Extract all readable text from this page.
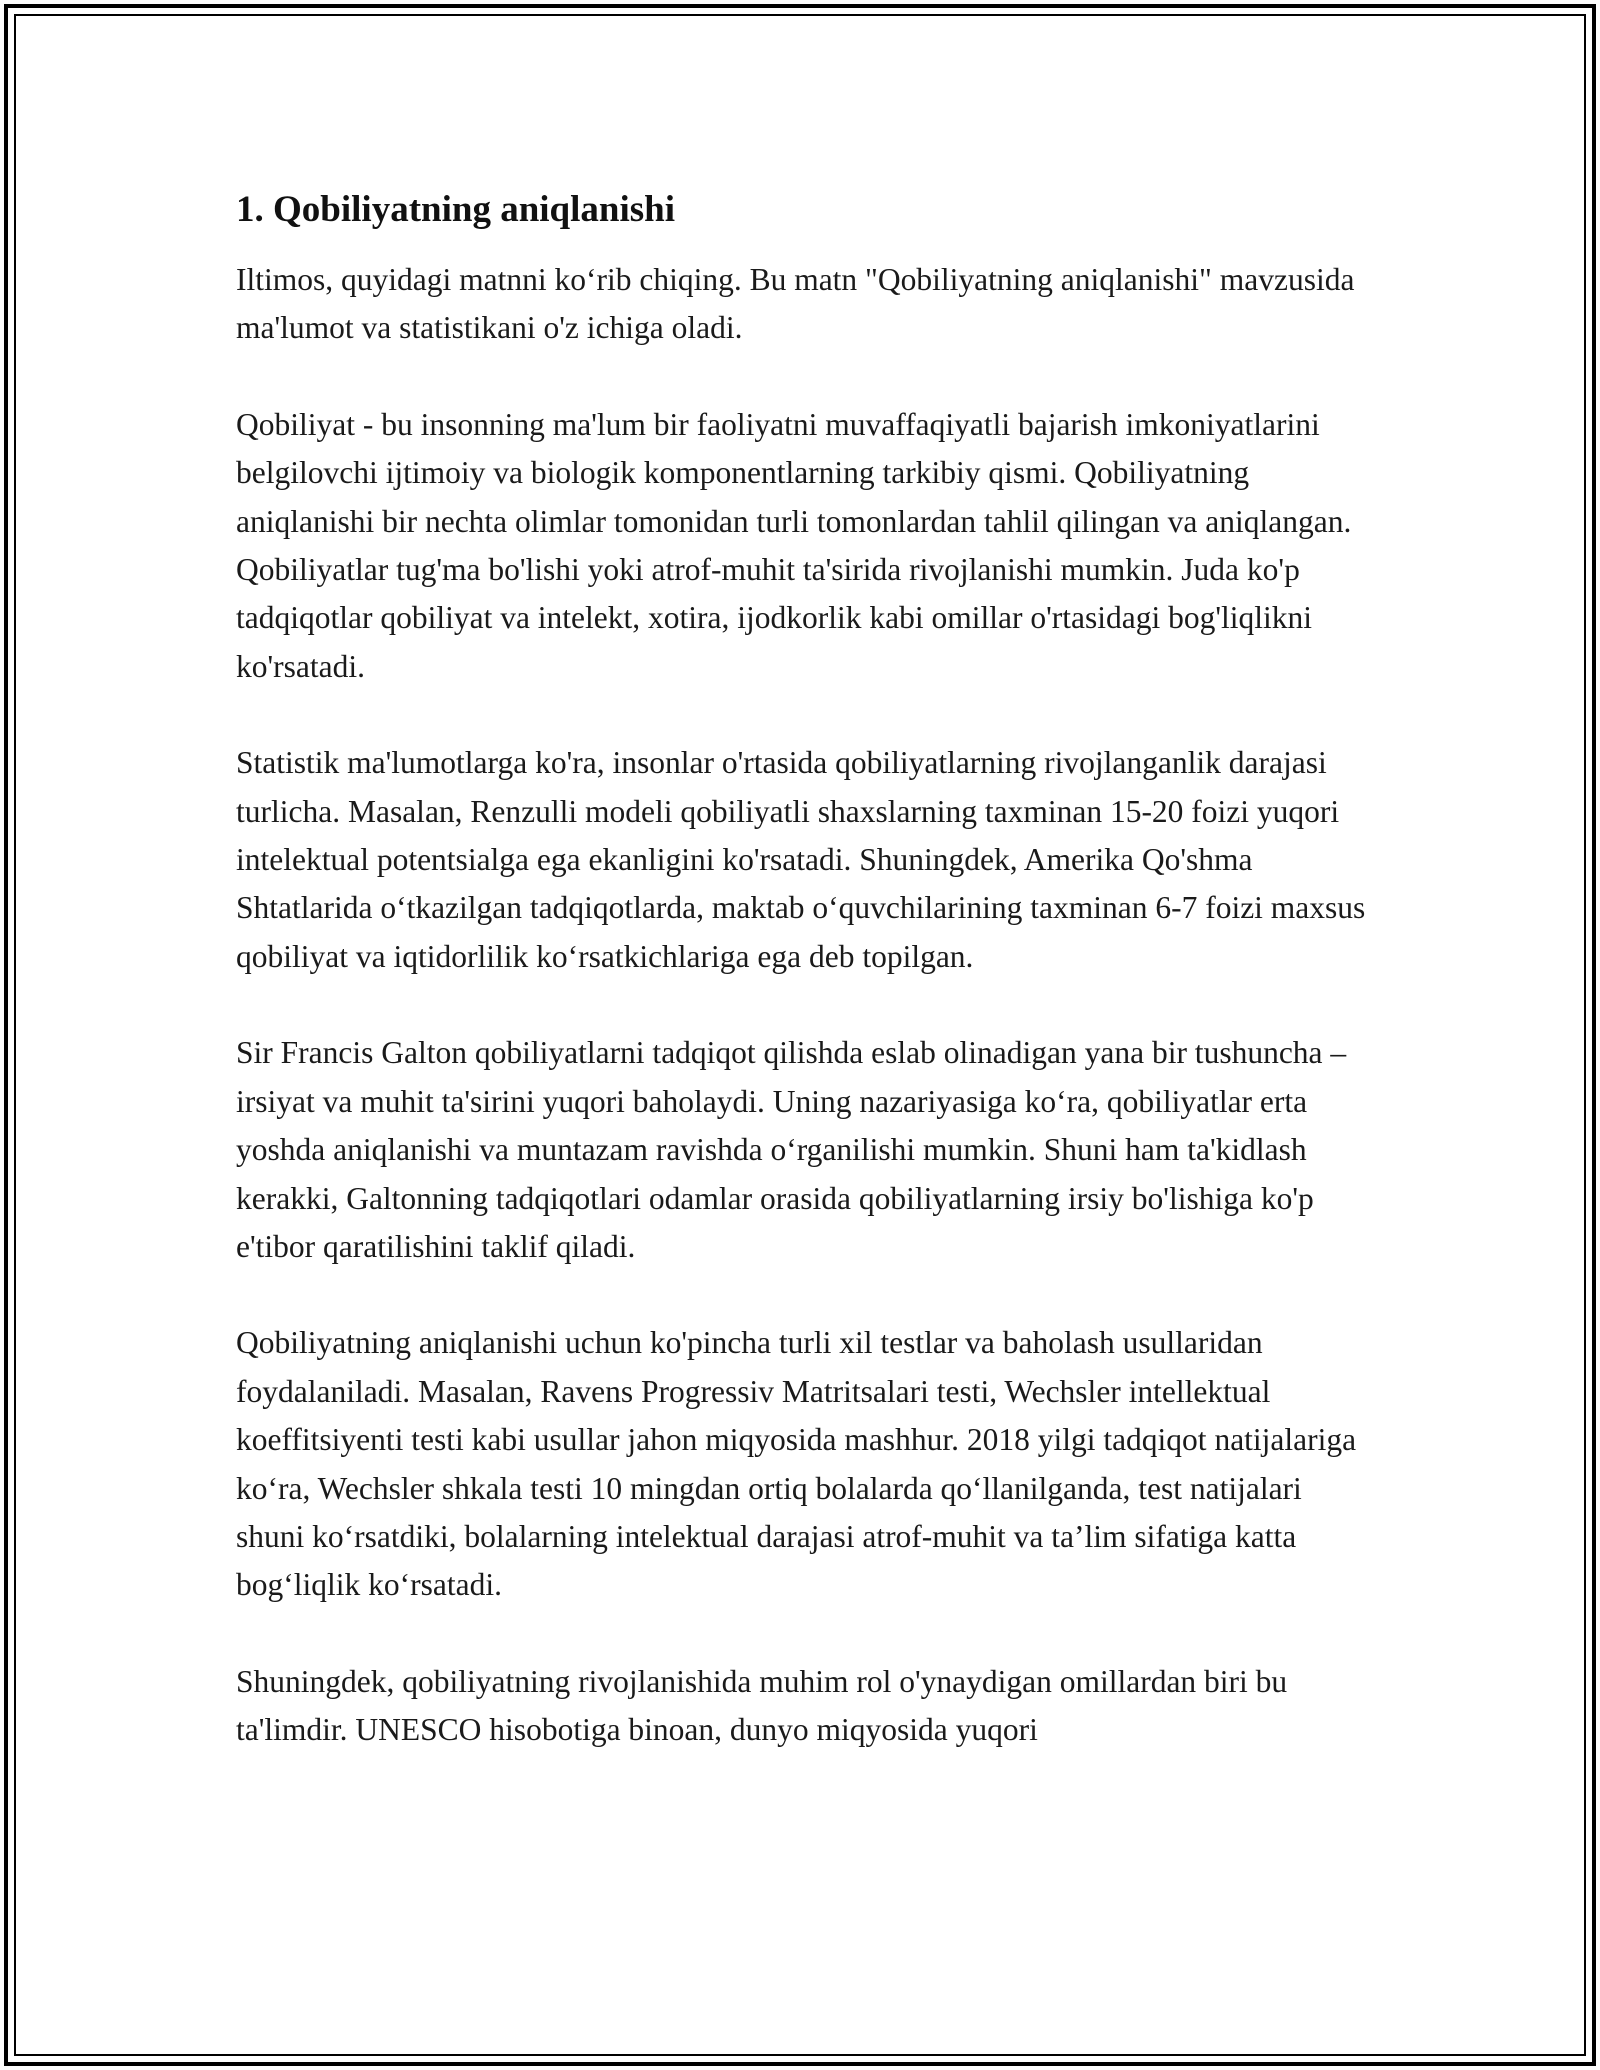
1. Qobiliyatning aniqlanishi

Iltimos, quyidagi matnni ko‘rib chiqing. Bu matn "Qobiliyatning aniqlanishi" mavzusida ma'lumot va statistikani o'z ichiga oladi.

Qobiliyat - bu insonning ma'lum bir faoliyatni muvaffaqiyatli bajarish imkoniyatlarini belgilovchi ijtimoiy va biologik komponentlarning tarkibiy qismi. Qobiliyatning aniqlanishi bir nechta olimlar tomonidan turli tomonlardan tahlil qilingan va aniqlangan. Qobiliyatlar tug'ma bo'lishi yoki atrof-muhit ta'sirida rivojlanishi mumkin. Juda ko'p tadqiqotlar qobiliyat va intelekt, xotira, ijodkorlik kabi omillar o'rtasidagi bog'liqlikni ko'rsatadi.

Statistik ma'lumotlarga ko'ra, insonlar o'rtasida qobiliyatlarning rivojlanganlik darajasi turlicha. Masalan, Renzulli modeli qobiliyatli shaxslarning taxminan 15-20 foizi yuqori intelektual potentsialga ega ekanligini ko'rsatadi. Shuningdek, Amerika Qo'shma Shtatlarida o‘tkazilgan tadqiqotlarda, maktab o‘quvchilarining taxminan 6-7 foizi maxsus qobiliyat va iqtidorlilik ko‘rsatkichlariga ega deb topilgan.

Sir Francis Galton qobiliyatlarni tadqiqot qilishda eslab olinadigan yana bir tushuncha – irsiyat va muhit ta'sirini yuqori baholaydi. Uning nazariyasiga ko‘ra, qobiliyatlar erta yoshda aniqlanishi va muntazam ravishda o‘rganilishi mumkin. Shuni ham ta'kidlash kerakki, Galtonning tadqiqotlari odamlar orasida qobiliyatlarning irsiy bo'lishiga ko'p e'tibor qaratilishini taklif qiladi.

Qobiliyatning aniqlanishi uchun ko'pincha turli xil testlar va baholash usullaridan foydalaniladi. Masalan, Ravens Progressiv Matritsalari testi, Wechsler intellektual koeffitsiyenti testi kabi usullar jahon miqyosida mashhur. 2018 yilgi tadqiqot natijalariga ko‘ra, Wechsler shkala testi 10 mingdan ortiq bolalarda qo‘llanilganda, test natijalari shuni ko‘rsatdiki, bolalarning intelektual darajasi atrof-muhit va ta’lim sifatiga katta bog‘liqlik ko‘rsatadi.

Shuningdek, qobiliyatning rivojlanishida muhim rol o'ynaydigan omillardan biri bu ta'limdir. UNESCO hisobotiga binoan, dunyo miqyosida yuqori
